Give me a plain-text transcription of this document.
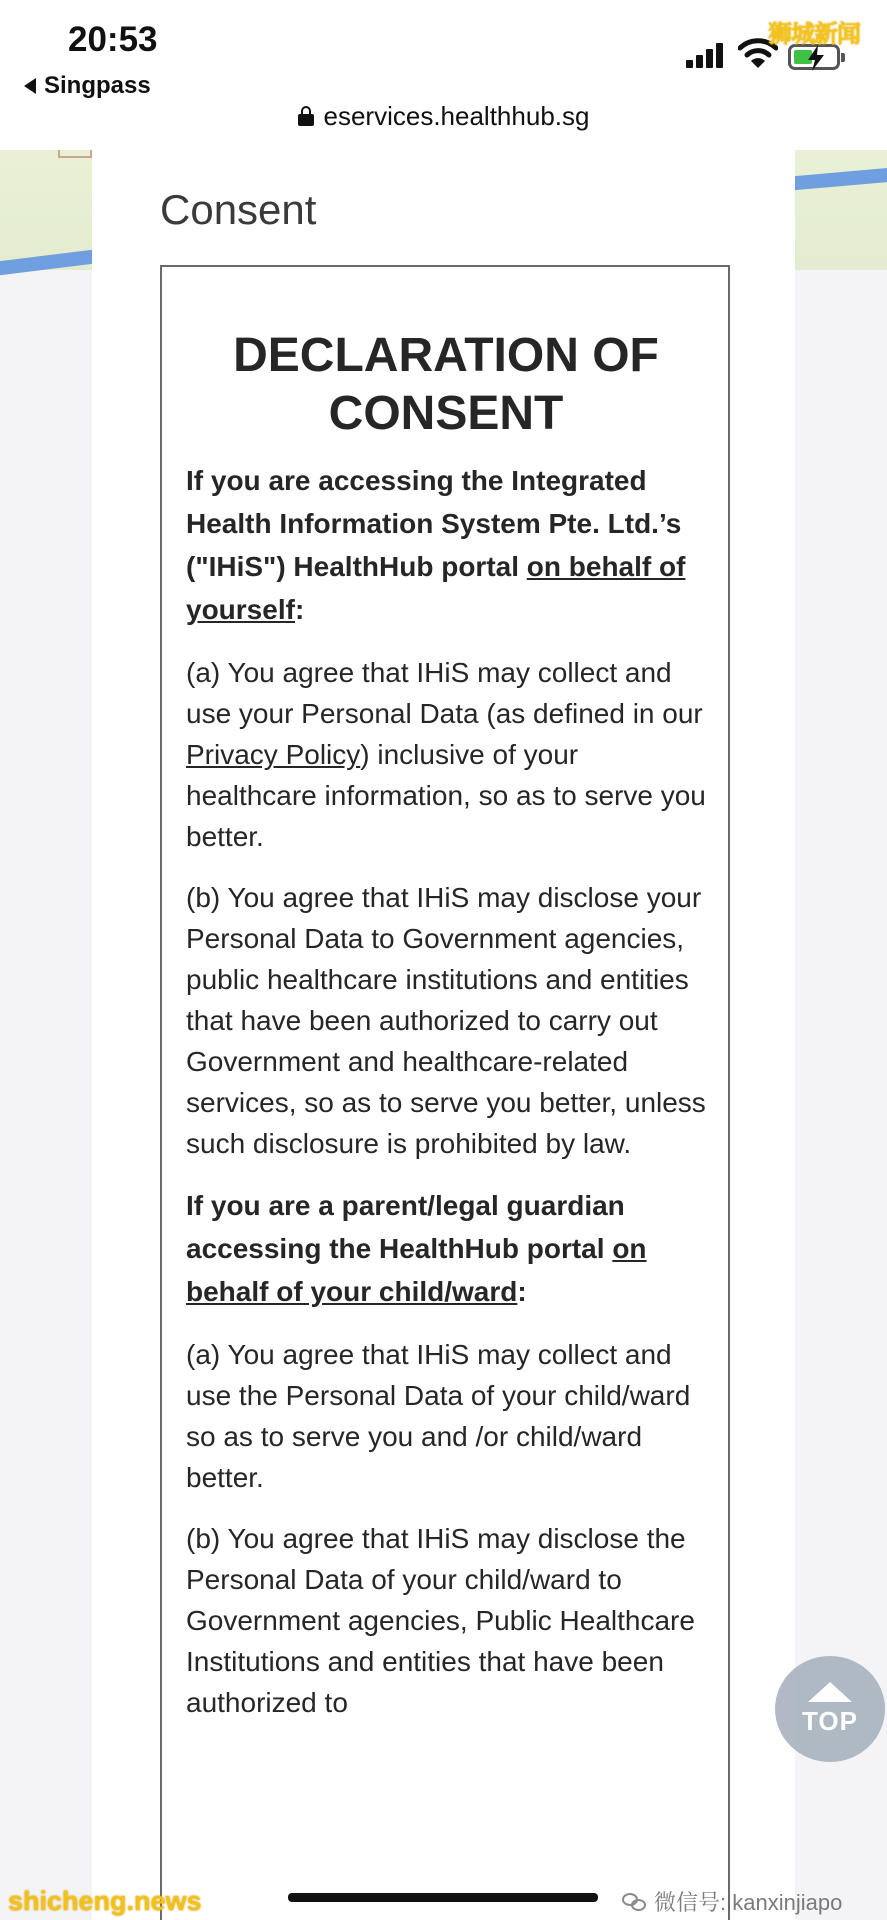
20:53
Singpass
狮城新闻
eservices.healthhub.sg
Consent
DECLARATION OF CONSENT
If you are accessing the Integrated Health Information System Pte. Ltd.’s ("IHiS") HealthHub portal on behalf of yourself:
(a) You agree that IHiS may collect and use your Personal Data (as defined in our Privacy Policy) inclusive of your healthcare information, so as to serve you better.
(b) You agree that IHiS may disclose your Personal Data to Government agencies, public healthcare institutions and entities that have been authorized to carry out Government and healthcare-related services, so as to serve you better, unless such disclosure is prohibited by law.
If you are a parent/legal guardian accessing the HealthHub portal on behalf of your child/ward:
(a) You agree that IHiS may collect and use the Personal Data of your child/ward so as to serve you and /or child/ward better.
(b) You agree that IHiS may disclose the Personal Data of your child/ward to Government agencies, Public Healthcare Institutions and entities that have been authorized to
TOP
shicheng.news	微信号: kanxinjiapo
